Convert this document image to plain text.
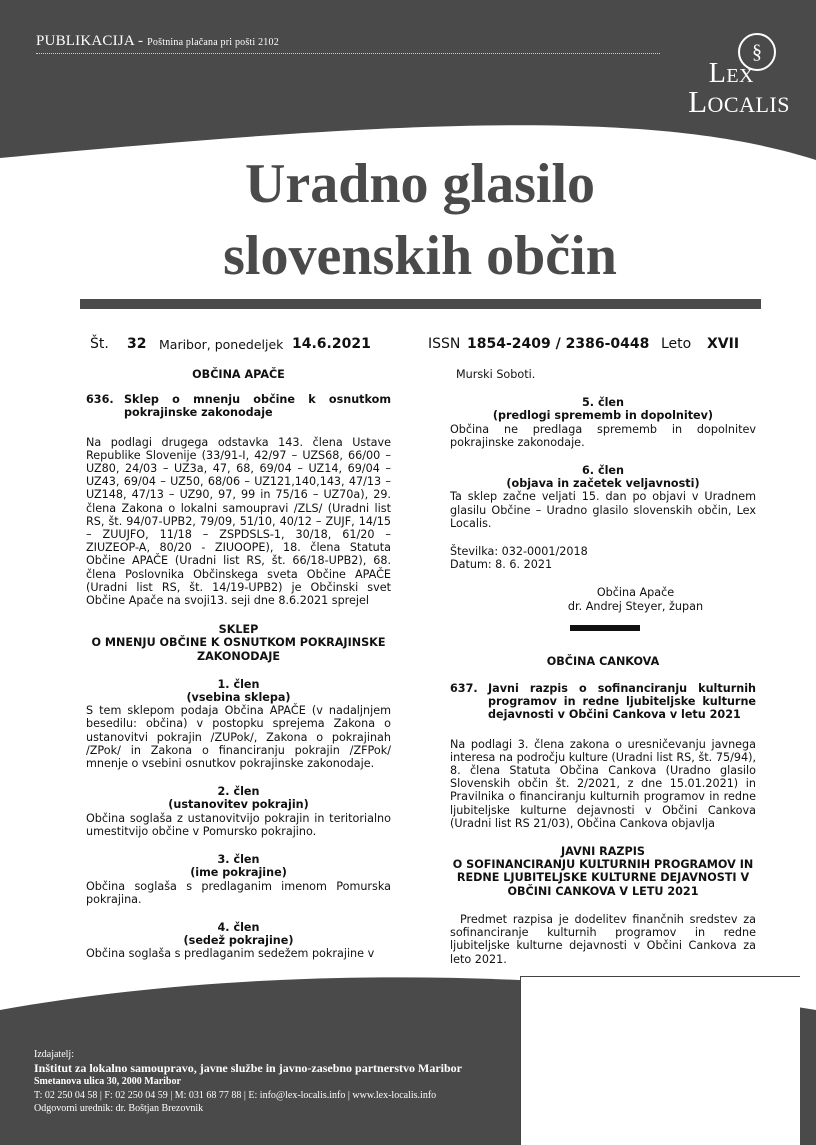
PUBLIKACIJA - Poštnina plačana pri pošti 2102	§
Lex
Localis
Uradno glasilo
slovenskih občin
Št. 32 Maribor, ponedeljek 14.6.2021	ISSN 1854-2409 / 2386-0448 Leto XVII

OBČINA APAČE

636. Sklep o mnenju občine k osnutkom pokrajinske zakonodaje

Na podlagi drugega odstavka 143. člena Ustave Republike Slovenije (33/91-I, 42/97 – UZS68, 66/00 – UZ80, 24/03 – UZ3a, 47, 68, 69/04 – UZ14, 69/04 – UZ43, 69/04 – UZ50, 68/06 – UZ121,140,143, 47/13 – UZ148, 47/13 – UZ90, 97, 99 in 75/16 – UZ70a), 29. člena Zakona o lokalni samoupravi /ZLS/ (Uradni list RS, št. 94/07-UPB2, 79/09, 51/10, 40/12 – ZUJF, 14/15 – ZUUJFO, 11/18 – ZSPDSLS-1, 30/18, 61/20 – ZIUZEOP-A, 80/20 - ZIUOOPE), 18. člena Statuta Občine APAČE (Uradni list RS, št. 66/18-UPB2), 68. člena Poslovnika Občinskega sveta Občine APAČE (Uradni list RS, št. 14/19-UPB2) je Občinski svet Občine Apače na svoji13. seji dne 8.6.2021 sprejel

SKLEP
O MNENJU OBČINE K OSNUTKOM POKRAJINSKE ZAKONODAJE
1. člen
(vsebina sklepa)

S tem sklepom podaja Občina APAČE (v nadaljnjem besedilu: občina) v postopku sprejema Zakona o ustanovitvi pokrajin /ZUPok/, Zakona o pokrajinah /ZPok/ in Zakona o financiranju pokrajin /ZFPok/ mnenje o vsebini osnutkov pokrajinske zakonodaje.

2. člen
(ustanovitev pokrajin)

Občina soglaša z ustanovitvijo pokrajin in teritorialno umestitvijo občine v Pomursko pokrajino.

3. člen
(ime pokrajine)

Občina soglaša s predlaganim imenom Pomurska pokrajina.

4. člen
(sedež pokrajine)

Občina soglaša s predlaganim sedežem pokrajine v

Murski Soboti.

5. člen
(predlogi sprememb in dopolnitev)

Občina ne predlaga sprememb in dopolnitev pokrajinske zakonodaje.

6. člen
(objava in začetek veljavnosti)

Ta sklep začne veljati 15. dan po objavi v Uradnem glasilu Občine – Uradno glasilo slovenskih občin, Lex Localis.

Številka: 032-0001/2018

Datum: 8. 6. 2021

Občina Apače
dr. Andrej Steyer, župan

OBČINA CANKOVA

637. Javni razpis o sofinanciranju kulturnih programov in redne ljubiteljske kulturne dejavnosti v Občini Cankova v letu 2021

Na podlagi 3. člena zakona o uresničevanju javnega interesa na področju kulture (Uradni list RS, št. 75/94), 8. člena Statuta Občina Cankova (Uradno glasilo Slovenskih občin št. 2/2021, z dne 15.01.2021) in Pravilnika o financiranju kulturnih programov in redne ljubiteljske kulturne dejavnosti v Občini Cankova (Uradni list RS 21/03), Občina Cankova objavlja

JAVNI RAZPIS
O SOFINANCIRANJU KULTURNIH PROGRAMOV IN REDNE LJUBITELJSKE KULTURNE DEJAVNOSTI V OBČINI CANKOVA V LETU 2021

Predmet razpisa je dodelitev finančnih sredstev za sofinanciranje kulturnih programov in redne ljubiteljske kulturne dejavnosti v Občini Cankova za leto 2021.

Izdajatelj:
Inštitut za lokalno samoupravo, javne službe in javno-zasebno partnerstvo Maribor
Smetanova ulica 30, 2000 Maribor
T: 02 250 04 58 | F: 02 250 04 59 | M: 031 68 77 88 | E: info@lex-localis.info | www.lex-localis.info
Odgovorni urednik: dr. Boštjan Brezovnik
